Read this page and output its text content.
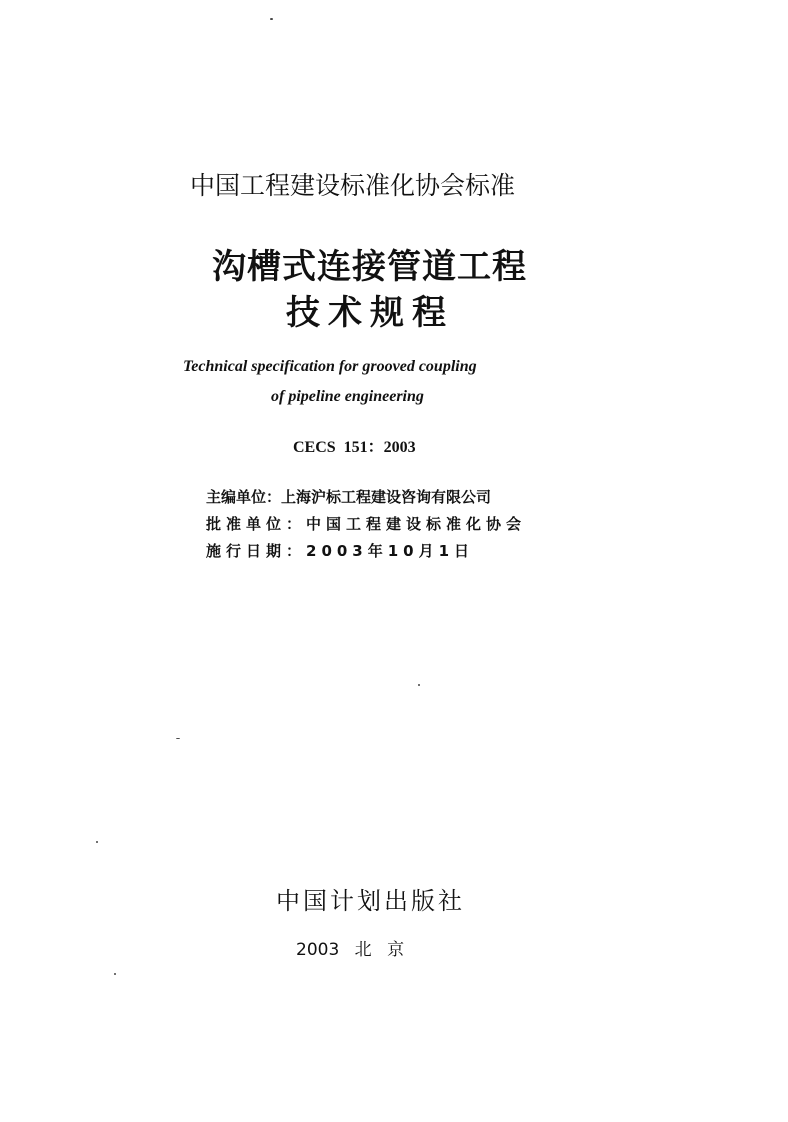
中国工程建设标准化协会标准
沟槽式连接管道工程
技术规程
Technical specification for grooved coupling
of pipeline engineering
CECS 151：2003
主编单位：上海沪标工程建设咨询有限公司
批准单位：中国工程建设标准化协会
施行日期：2003年10月1日
中国计划出版社
2003 北 京
